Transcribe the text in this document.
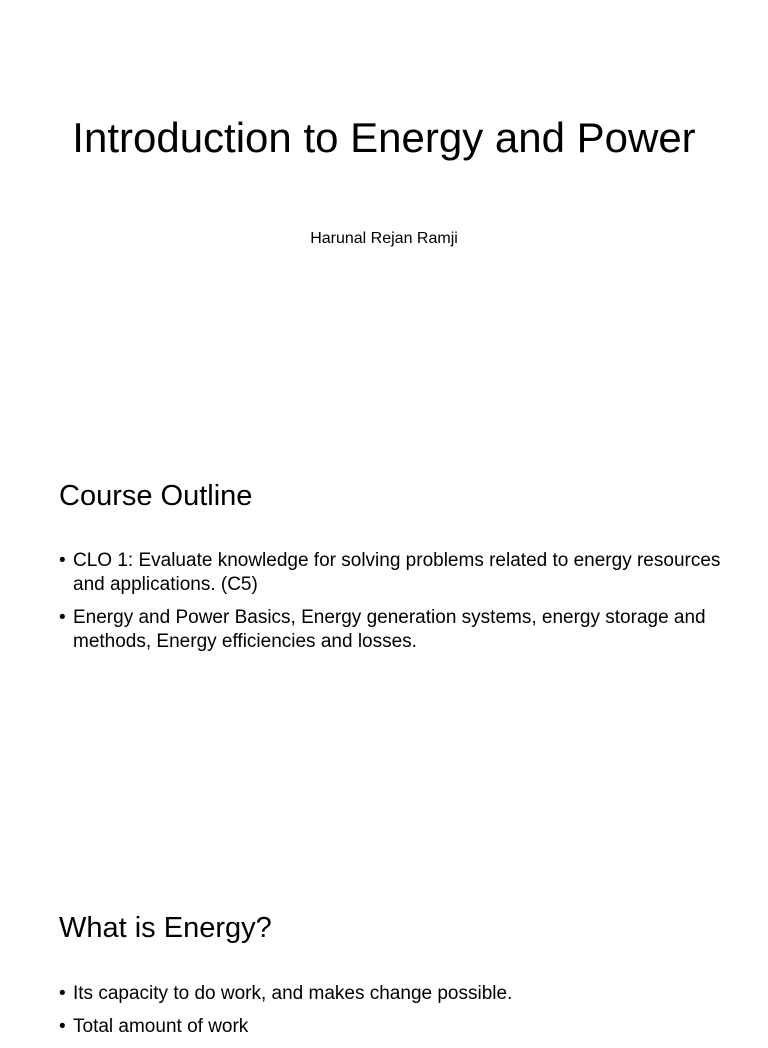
Introduction to Energy and Power
Harunal Rejan Ramji
Course Outline
• CLO 1: Evaluate knowledge for solving problems related to energy resources and applications. (C5)
• Energy and Power Basics, Energy generation systems, energy storage and methods, Energy efficiencies and losses.
What is Energy?
• Its capacity to do work, and makes change possible.
• Total amount of work
